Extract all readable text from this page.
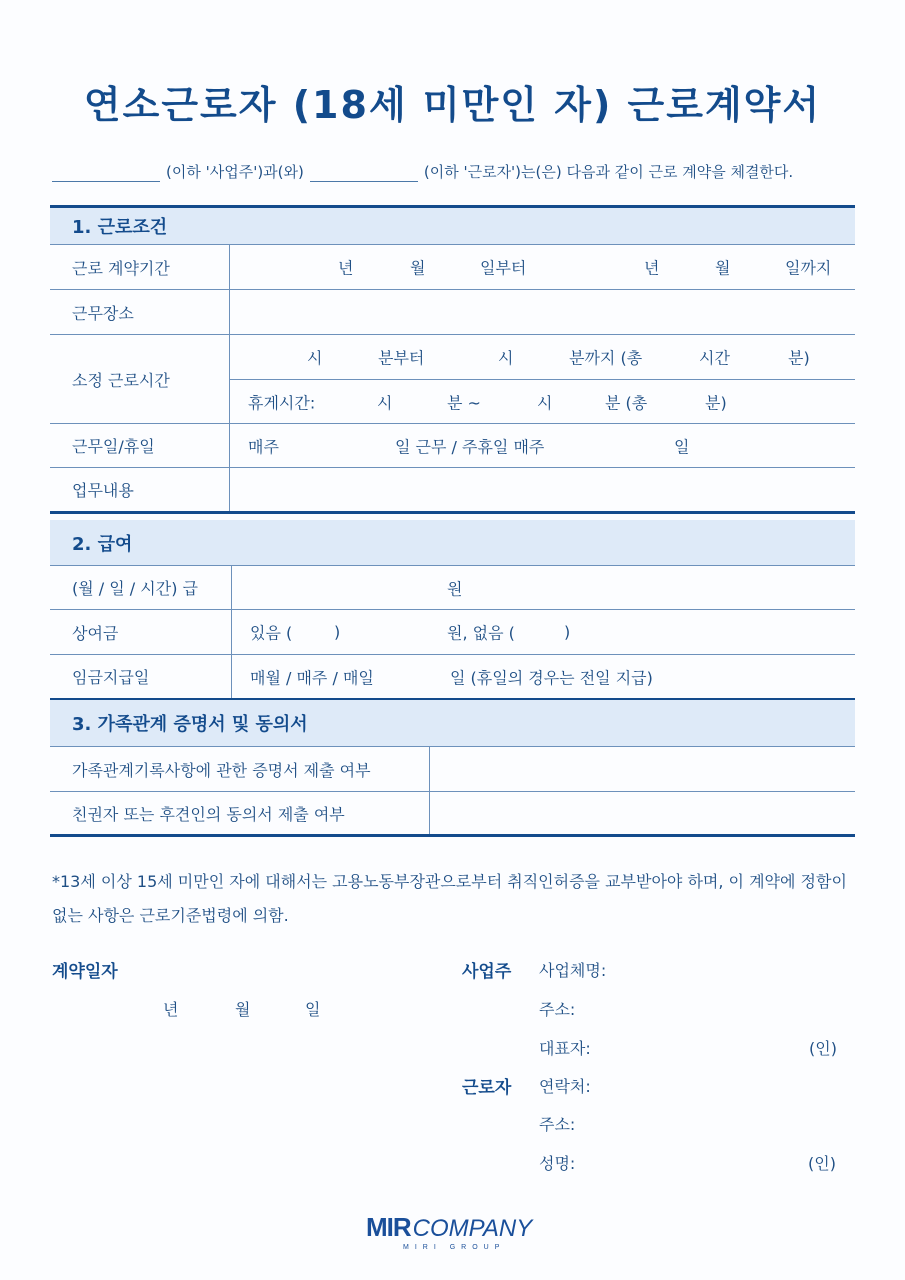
연소근로자 (18세 미만인 자) 근로계약서
(이하 '사업주')과(와)	(이하 '근로자')는(은) 다음과 같이 근로 계약을 체결한다.
1. 근로조건
근로 계약기간	년	월	일부터	년	월	일까지
근무장소
소정 근로시간
시	분부터	시	분까지 (총	시간	분)
휴게시간:	시	분 ~	시	분 (총	분)
근무일/휴일	매주	일 근무 / 주휴일 매주	일
업무내용
2. 급여
(월 / 일 / 시간) 급	원
상여금	있음 (	)	원, 없음 (	)
임금지급일	매월 / 매주 / 매일	일 (휴일의 경우는 전일 지급)
3. 가족관계 증명서 및 동의서
가족관계기록사항에 관한 증명서 제출 여부
친권자 또는 후견인의 동의서 제출 여부
*13세 이상 15세 미만인 자에 대해서는 고용노동부장관으로부터 취직인허증을 교부받아야 하며, 이 계약에 정함이 없는 사항은 근로기준법령에 의함.
계약일자
년	월	일
사업주 사업체명:
주소:
대표자:	(인)
근로자 연락처:
주소:
성명:	(인)
MIR COMPANY
MIRI GROUP
